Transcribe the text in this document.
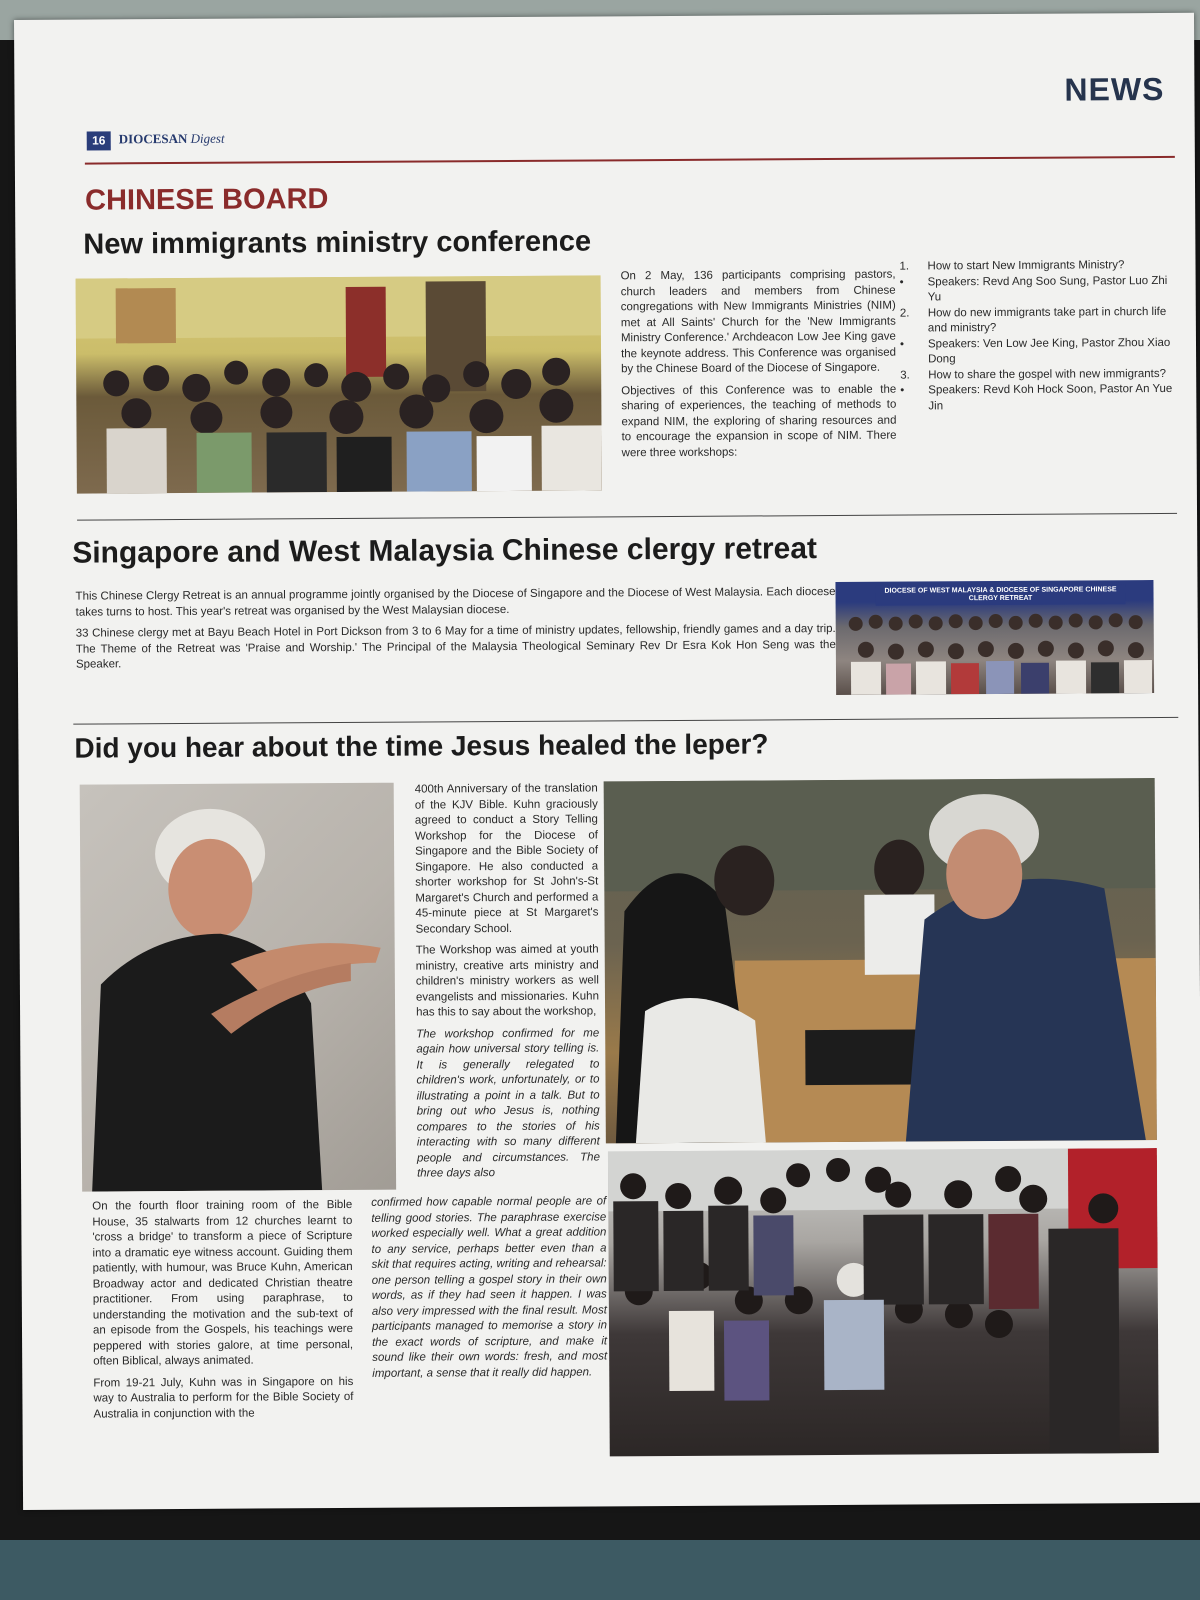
NEWS
16	DIOCESAN Digest
CHINESE BOARD
New immigrants ministry conference

On 2 May, 136 participants comprising pastors, church leaders and members from Chinese congregations with New Immigrants Ministries (NIM) met at All Saints' Church for the 'New Immigrants Ministry Conference.' Archdeacon Low Jee King gave the keynote address. This Conference was organised by the Chinese Board of the Diocese of Singapore.

Objectives of this Conference was to enable the sharing of experiences, the teaching of methods to expand NIM, the exploring of sharing resources and to encourage the expansion in scope of NIM. There were three workshops:

1. How to start New Immigrants Ministry?
• Speakers: Revd Ang Soo Sung, Pastor Luo Zhi Yu
2. How do new immigrants take part in church life and ministry?
• Speakers: Ven Low Jee King, Pastor Zhou Xiao Dong
3. How to share the gospel with new immigrants?
• Speakers: Revd Koh Hock Soon, Pastor An Yue Jin
Singapore and West Malaysia Chinese clergy retreat

This Chinese Clergy Retreat is an annual programme jointly organised by the Diocese of Singapore and the Diocese of West Malaysia. Each diocese takes turns to host. This year's retreat was organised by the West Malaysian diocese.

33 Chinese clergy met at Bayu Beach Hotel in Port Dickson from 3 to 6 May for a time of ministry updates, fellowship, friendly games and a day trip. The Theme of the Retreat was 'Praise and Worship.' The Principal of the Malaysia Theological Seminary Rev Dr Esra Kok Hon Seng was the Speaker.

DIOCESE OF WEST MALAYSIA & DIOCESE OF SINGAPORE CHINESE CLERGY RETREAT
Did you hear about the time Jesus healed the leper?

400th Anniversary of the translation of the KJV Bible. Kuhn graciously agreed to conduct a Story Telling Workshop for the Diocese of Singapore and the Bible Society of Singapore. He also conducted a shorter workshop for St John's-St Margaret's Church and performed a 45-minute piece at St Margaret's Secondary School.

The Workshop was aimed at youth ministry, creative arts ministry and children's ministry workers as well evangelists and missionaries. Kuhn has this to say about the workshop,

The workshop confirmed for me again how universal story telling is. It is generally relegated to children's work, unfortunately, or to illustrating a point in a talk. But to bring out who Jesus is, nothing compares to the stories of his interacting with so many different people and circumstances. The three days also

On the fourth floor training room of the Bible House, 35 stalwarts from 12 churches learnt to 'cross a bridge' to transform a piece of Scripture into a dramatic eye witness account. Guiding them patiently, with humour, was Bruce Kuhn, American Broadway actor and dedicated Christian theatre practitioner. From using paraphrase, to understanding the motivation and the sub-text of an episode from the Gospels, his teachings were peppered with stories galore, at time personal, often Biblical, always animated.

From 19-21 July, Kuhn was in Singapore on his way to Australia to perform for the Bible Society of Australia in conjunction with the

confirmed how capable normal people are of telling good stories. The paraphrase exercise worked especially well. What a great addition to any service, perhaps better even than a skit that requires acting, writing and rehearsal: one person telling a gospel story in their own words, as if they had seen it happen. I was also very impressed with the final result. Most participants managed to memorise a story in the exact words of scripture, and make it sound like their own words: fresh, and most important, a sense that it really did happen.
